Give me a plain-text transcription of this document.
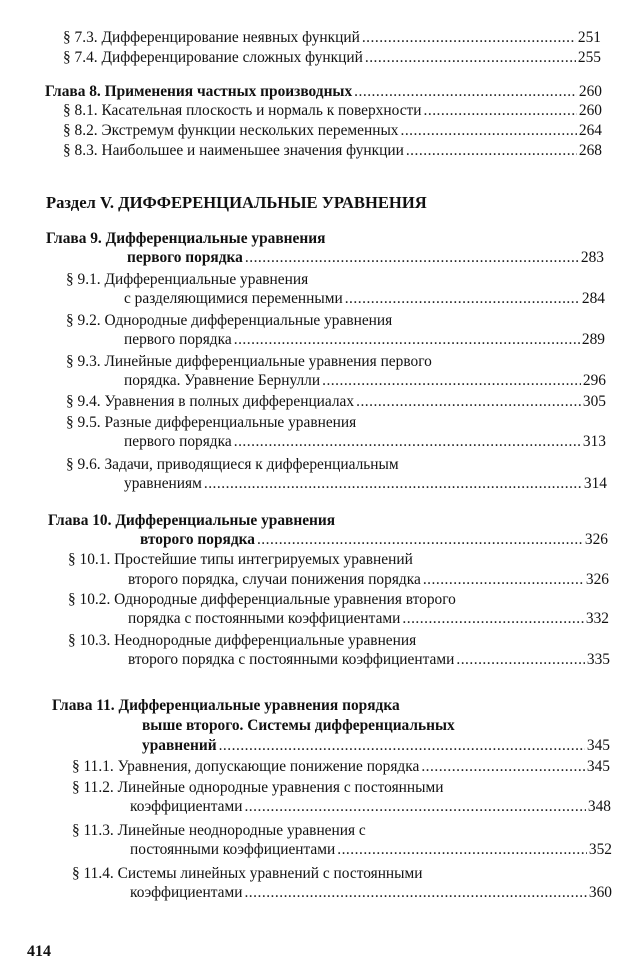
§ 7.3. Дифференцирование неявных функций .....	251
§ 7.4. Дифференцирование сложных функций .....	255
Глава 8. Применения частных производных .....	260
§ 8.1. Касательная плоскость и нормаль к поверхности .....	260
§ 8.2. Экстремум функции нескольких переменных .....	264
§ 8.3. Наибольшее и наименьшее значения функции .....	268
Раздел V. ДИФФЕРЕНЦИАЛЬНЫЕ УРАВНЕНИЯ
Глава 9. Дифференциальные уравнения
первого порядка .....	283
§ 9.1. Дифференциальные уравнения
с разделяющимися переменными .....	284
§ 9.2. Однородные дифференциальные уравнения
первого порядка .....	289
§ 9.3. Линейные дифференциальные уравнения первого
порядка. Уравнение Бернулли .....	296
§ 9.4. Уравнения в полных дифференциалах .....	305
§ 9.5. Разные дифференциальные уравнения
первого порядка .....	313
§ 9.6. Задачи, приводящиеся к дифференциальным
уравнениям .....	314
Глава 10. Дифференциальные уравнения
второго порядка .....	326
§ 10.1. Простейшие типы интегрируемых уравнений
второго порядка, случаи понижения порядка .....	326
§ 10.2. Однородные дифференциальные уравнения второго
порядка с постоянными коэффициентами .....	332
§ 10.3. Неоднородные дифференциальные уравнения
второго порядка с постоянными коэффициентами .....	335
Глава 11. Дифференциальные уравнения порядка
выше второго. Системы дифференциальных
уравнений .....	345
§ 11.1. Уравнения, допускающие понижение порядка .....	345
§ 11.2. Линейные однородные уравнения с постоянными
коэффициентами .....	348
§ 11.3. Линейные неоднородные уравнения с
постоянными коэффициентами .....	352
§ 11.4. Системы линейных уравнений с постоянными
коэффициентами .....	360
414
